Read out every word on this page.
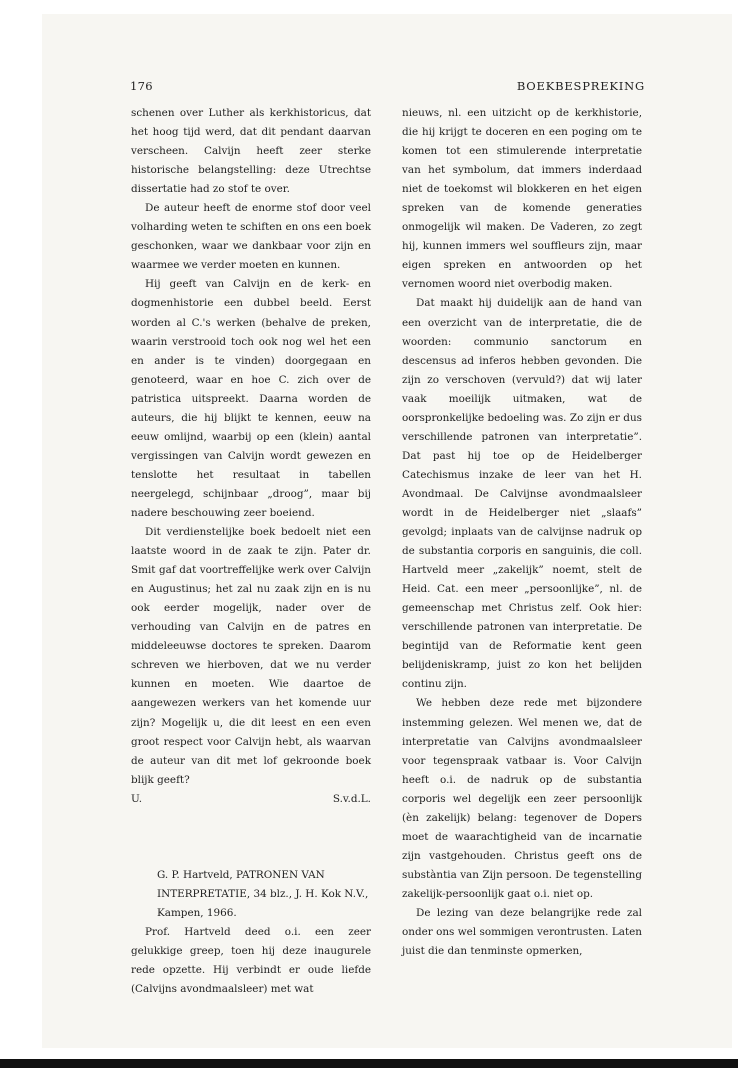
176	BOEKBESPREKING

schenen over Luther als kerkhistoricus, dat het hoog tijd werd, dat dit pendant daarvan verscheen. Calvijn heeft zeer sterke historische belangstelling: deze Utrechtse dissertatie had zo stof te over.

De auteur heeft de enorme stof door veel volharding weten te schiften en ons een boek geschonken, waar we dankbaar voor zijn en waarmee we verder moeten en kunnen.

Hij geeft van Calvijn en de kerk- en dogmenhistorie een dubbel beeld. Eerst worden al C.'s werken (behalve de preken, waarin verstrooid toch ook nog wel het een en ander is te vinden) doorgegaan en genoteerd, waar en hoe C. zich over de patristica uitspreekt. Daarna worden de auteurs, die hij blijkt te kennen, eeuw na eeuw omlijnd, waarbij op een (klein) aantal vergissingen van Calvijn wordt gewezen en tenslotte het resultaat in tabellen neergelegd, schijnbaar „droog”, maar bij nadere beschouwing zeer boeiend.

Dit verdienstelijke boek bedoelt niet een laatste woord in de zaak te zijn. Pater dr. Smit gaf dat voortreffelijke werk over Calvijn en Augustinus; het zal nu zaak zijn en is nu ook eerder mogelijk, nader over de verhouding van Calvijn en de patres en middeleeuwse doctores te spreken. Daarom schreven we hierboven, dat we nu verder kunnen en moeten. Wie daartoe de aangewezen werkers van het komende uur zijn? Mogelijk u, die dit leest en een even groot respect voor Calvijn hebt, als waarvan de auteur van dit met lof gekroonde boek blijk geeft?

U.	S.v.d.L.

G. P. Hartveld, PATRONEN VAN INTERPRETATIE, 34 blz., J. H. Kok N.V., Kampen, 1966.

Prof. Hartveld deed o.i. een zeer gelukkige greep, toen hij deze inaugurele rede opzette. Hij verbindt er oude liefde (Calvijns avondmaalsleer) met wat

nieuws, nl. een uitzicht op de kerkhistorie, die hij krijgt te doceren en een poging om te komen tot een stimulerende interpretatie van het symbolum, dat immers inderdaad niet de toekomst wil blokkeren en het eigen spreken van de komende generaties onmogelijk wil maken. De Vaderen, zo zegt hij, kunnen immers wel souffleurs zijn, maar eigen spreken en antwoorden op het vernomen woord niet overbodig maken.

Dat maakt hij duidelijk aan de hand van een overzicht van de interpretatie, die de woorden: communio sanctorum en descensus ad inferos hebben gevonden. Die zijn zo verschoven (vervuld?) dat wij later vaak moeilijk uitmaken, wat de oorspronkelijke bedoeling was. Zo zijn er dus verschillende patronen van interpretatie”. Dat past hij toe op de Heidelberger Catechismus inzake de leer van het H. Avondmaal. De Calvijnse avondmaalsleer wordt in de Heidelberger niet „slaafs” gevolgd; inplaats van de calvijnse nadruk op de substantia corporis en sanguinis, die coll. Hartveld meer „zakelijk” noemt, stelt de Heid. Cat. een meer „persoonlijke”, nl. de gemeenschap met Christus zelf. Ook hier: verschillende patronen van interpretatie. De begintijd van de Reformatie kent geen belijdeniskramp, juist zo kon het belijden continu zijn.

We hebben deze rede met bijzondere instemming gelezen. Wel menen we, dat de interpretatie van Calvijns avondmaalsleer voor tegenspraak vatbaar is. Voor Calvijn heeft o.i. de nadruk op de substantia corporis wel degelijk een zeer persoonlijk (èn zakelijk) belang: tegenover de Dopers moet de waarachtigheid van de incarnatie zijn vastgehouden. Christus geeft ons de substàntia van Zijn persoon. De tegenstelling zakelijk-persoonlijk gaat o.i. niet op.

De lezing van deze belangrijke rede zal onder ons wel sommigen verontrusten. Laten juist die dan tenminste opmerken,
